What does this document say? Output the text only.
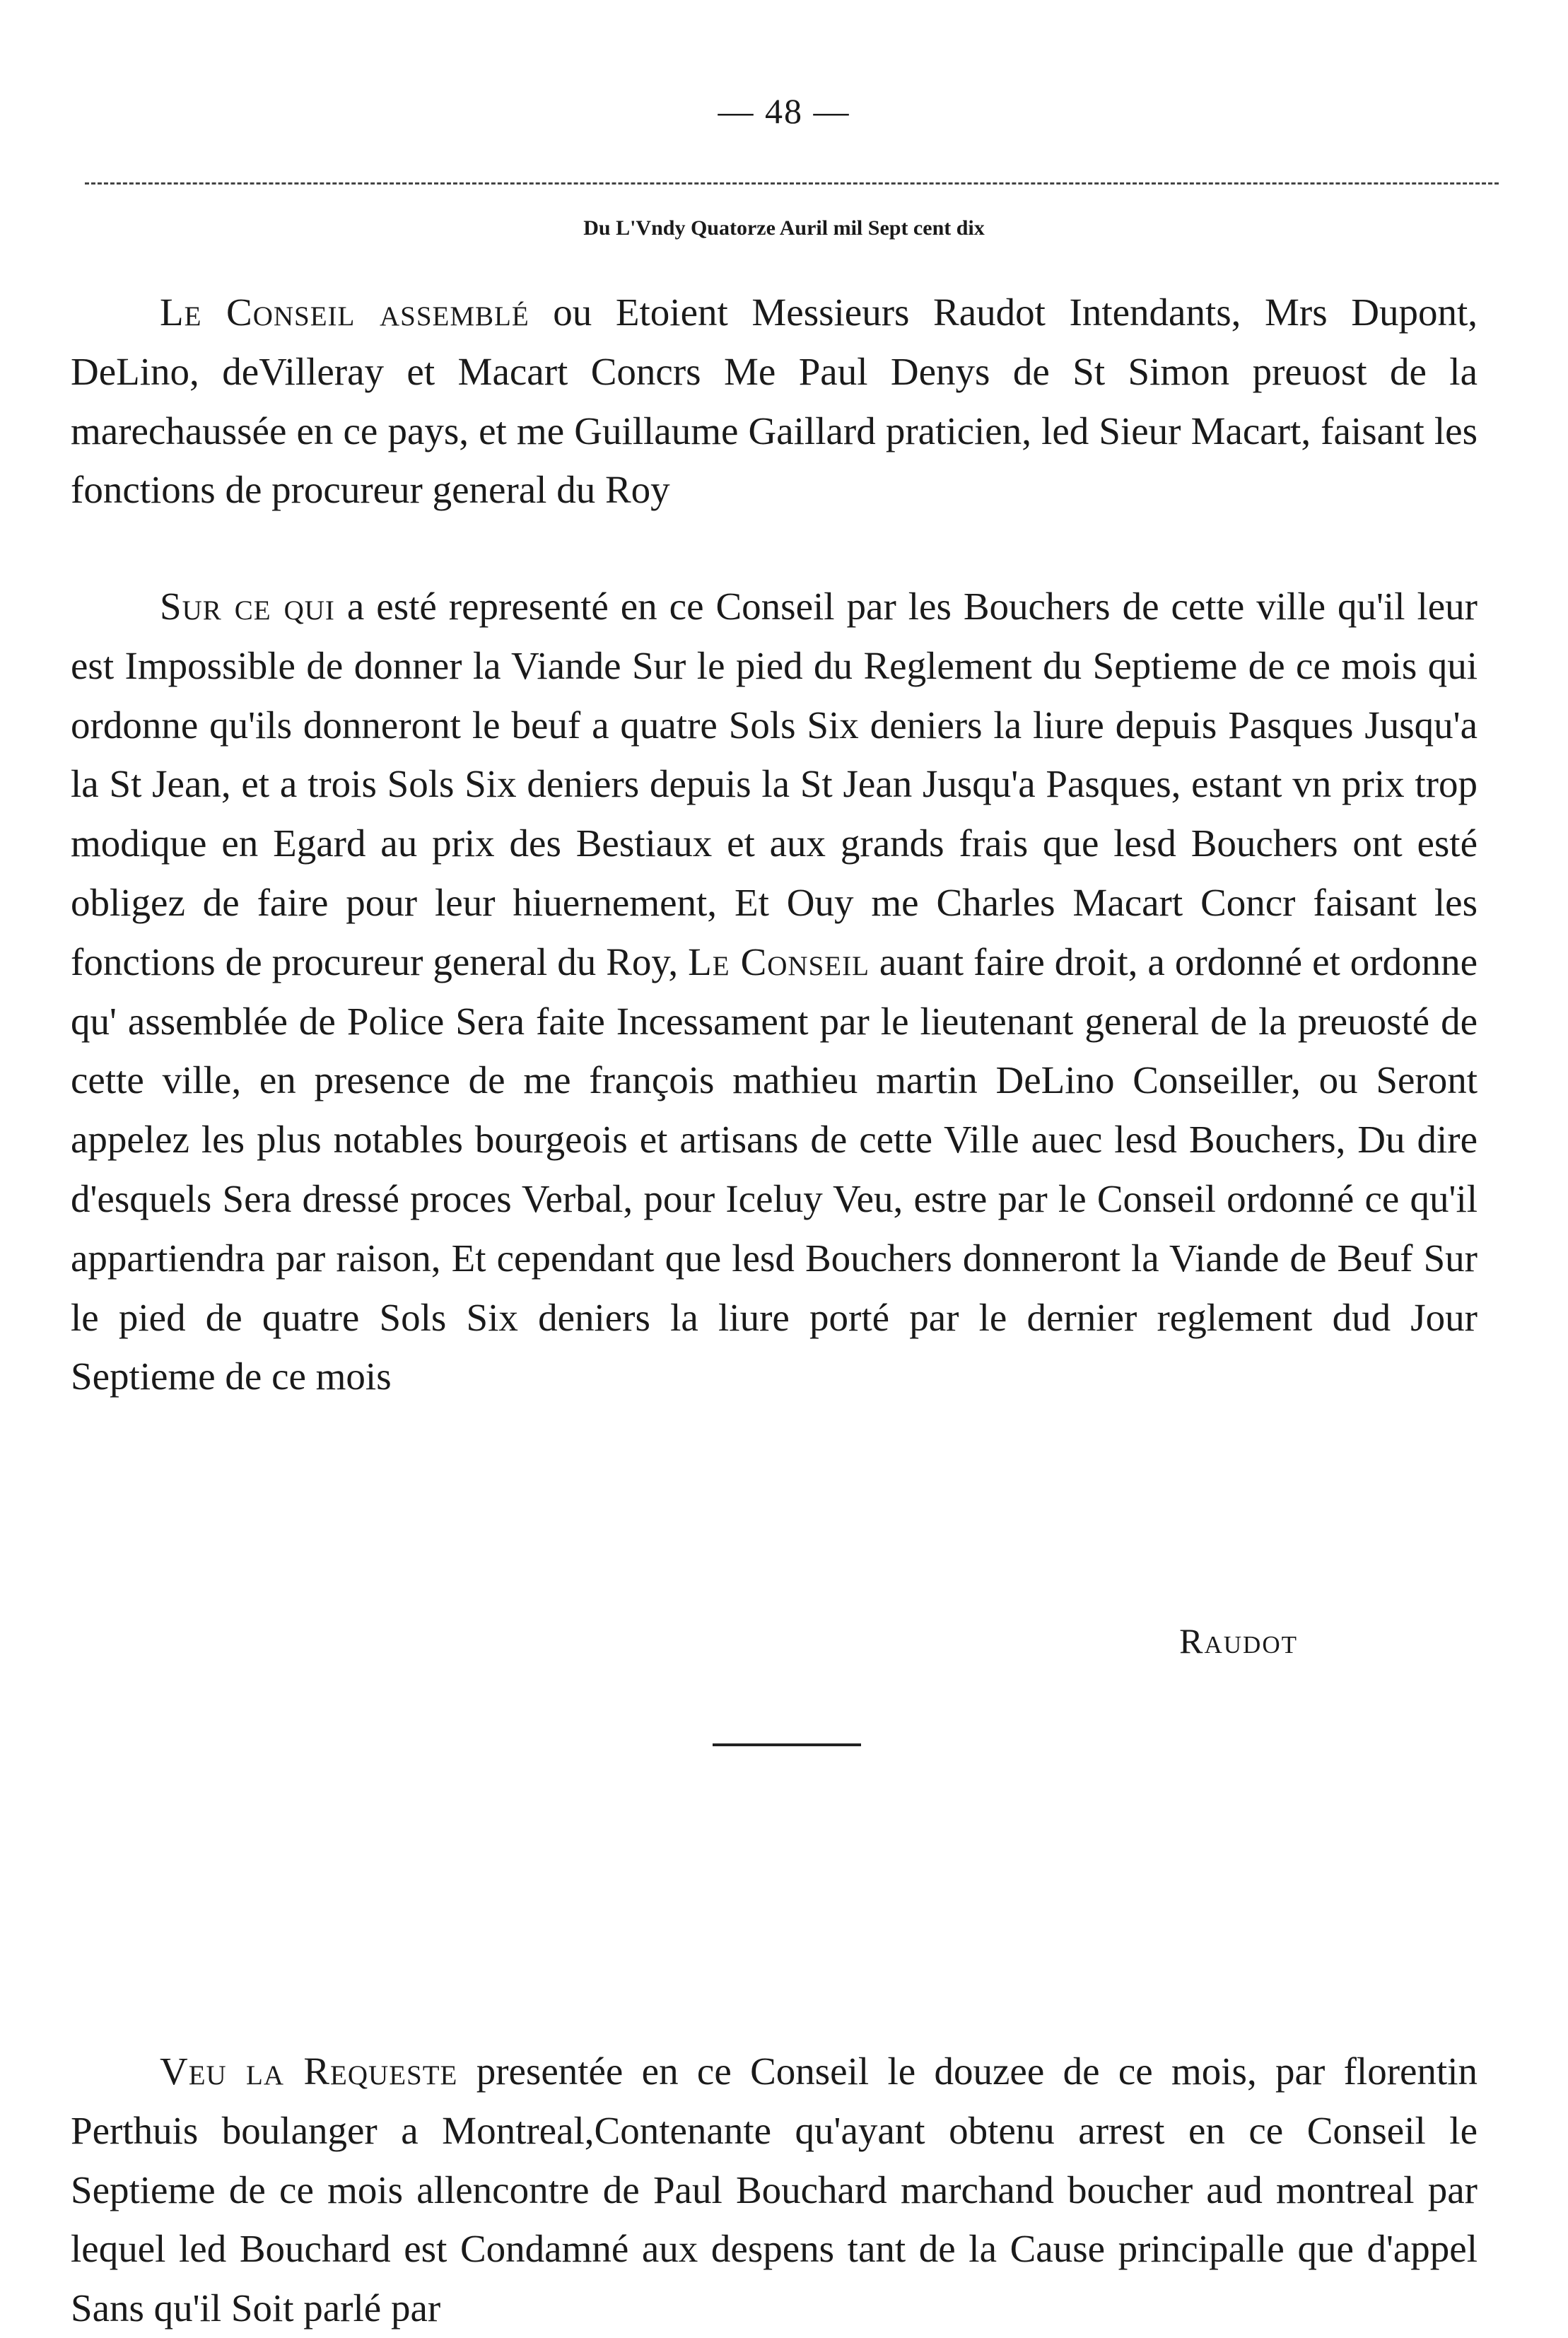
— 48 —
Du L'Vndy Quatorze Auril mil Sept cent dix
Le Conseil assemblé ou Etoient Messieurs Raudot Intendants, Mrs Dupont, DeLino, deVilleray et Macart Concrs Me Paul Denys de St Simon preuost de la marechaussée en ce pays, et me Guillaume Gaillard praticien, led Sieur Macart, faisant les fonctions de procureur general du Roy
Sur ce qui a esté representé en ce Conseil par les Bouchers de cette ville qu'il leur est Impossible de donner la Viande Sur le pied du Reglement du Septieme de ce mois qui ordonne qu'ils donneront le beuf a quatre Sols Six deniers la liure depuis Pasques Jusqu'a la St Jean, et a trois Sols Six deniers depuis la St Jean Jusqu'a Pasques, estant vn prix trop modique en Egard au prix des Bestiaux et aux grands frais que lesd Bouchers ont esté obligez de faire pour leur hiuernement, Et Ouy me Charles Macart Concr faisant les fonctions de procureur general du Roy, Le Conseil auant faire droit, a ordonné et ordonne qu' assemblée de Police Sera faite Incessament par le lieutenant general de la preuosté de cette ville, en presence de me françois mathieu martin DeLino Conseiller, ou Seront appelez les plus notables bourgeois et artisans de cette Ville auec lesd Bouchers, Du dire d'esquels Sera dressé proces Verbal, pour Iceluy Veu, estre par le Conseil ordonné ce qu'il appartiendra par raison, Et cependant que lesd Bouchers donneront la Viande de Beuf Sur le pied de quatre Sols Six deniers la liure porté par le dernier reglement dud Jour Septieme de ce mois
Raudot
Veu la Requeste presentée en ce Conseil le douzee de ce mois, par florentin Perthuis boulanger a Montreal,Contenante qu'ayant obtenu arrest en ce Conseil le Septieme de ce mois allencontre de Paul Bouchard marchand boucher aud montreal par lequel led Bouchard est Condamné aux despens tant de la Cause principalle que d'appel Sans qu'il Soit parlé par
